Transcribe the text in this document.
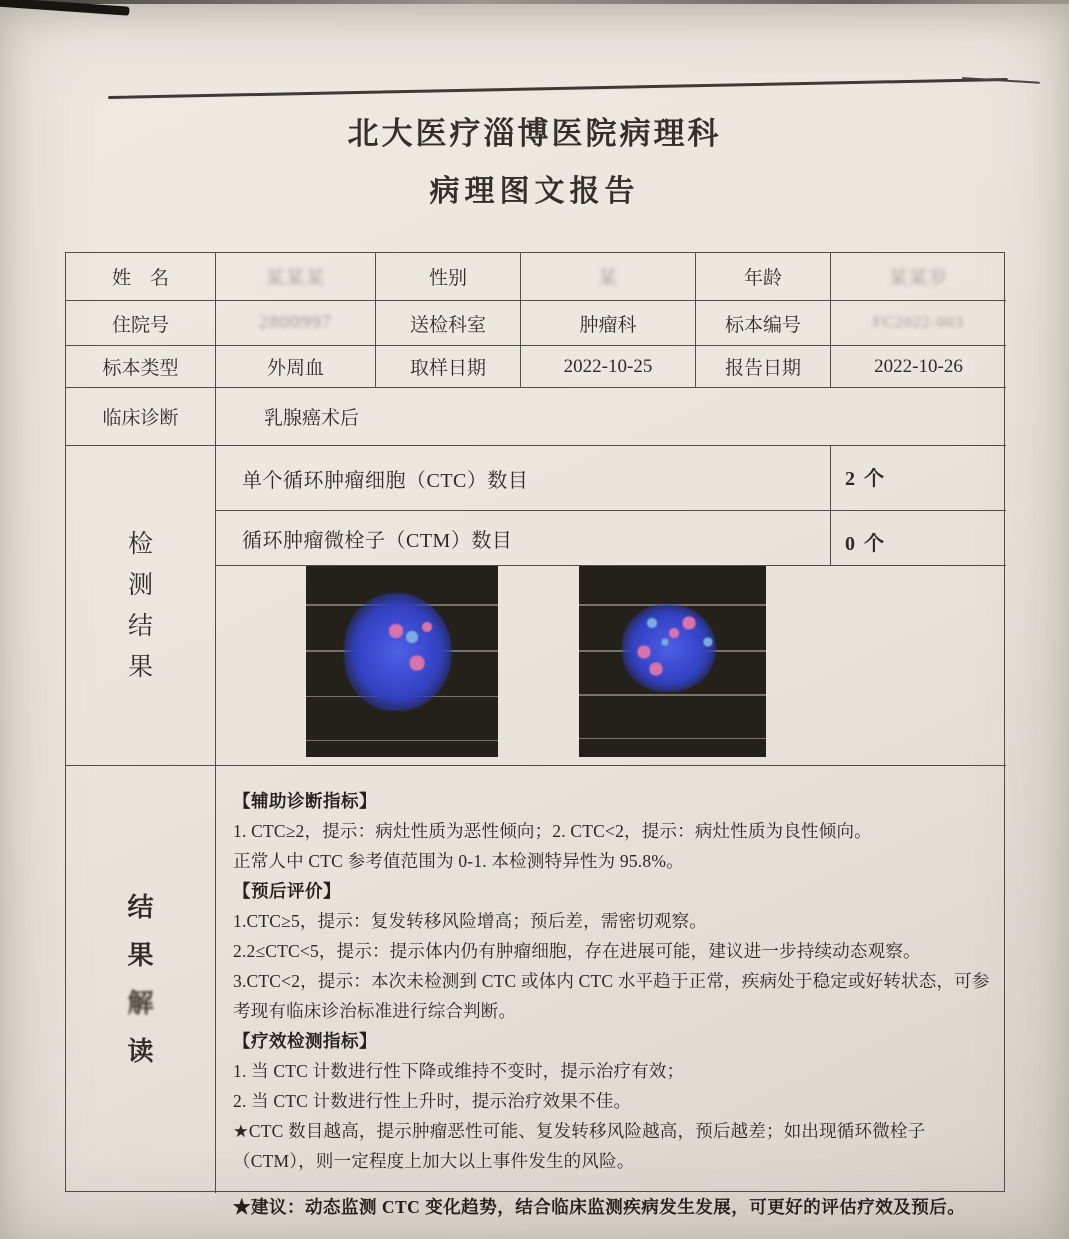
北大医疗淄博医院病理科
病理图文报告
姓　名	某某某	性别	某	年龄	某某岁
住院号	2800997	送检科室	肿瘤科	标本编号	FC2022-003
标本类型	外周血	取样日期	2022-10-25	报告日期	2022-10-26
临床诊断	乳腺癌术后
检
测
结
果
单个循环肿瘤细胞（CTC）数目	2 个
循环肿瘤微栓子（CTM）数目	0 个
结
果
解
读
【辅助诊断指标】
1. CTC≥2，提示：病灶性质为恶性倾向；2. CTC<2，提示：病灶性质为良性倾向。
正常人中 CTC 参考值范围为 0-1. 本检测特异性为 95.8%。
【预后评价】
1.CTC≥5，提示：复发转移风险增高；预后差，需密切观察。
2.2≤CTC<5，提示：提示体内仍有肿瘤细胞，存在进展可能，建议进一步持续动态观察。
3.CTC<2，提示：本次未检测到 CTC 或体内 CTC 水平趋于正常，疾病处于稳定或好转状态，可参考现有临床诊治标准进行综合判断。
【疗效检测指标】
1. 当 CTC 计数进行性下降或维持不变时，提示治疗有效；
2. 当 CTC 计数进行性上升时，提示治疗效果不佳。
★CTC 数目越高，提示肿瘤恶性可能、复发转移风险越高，预后越差；如出现循环微栓子（CTM），则一定程度上加大以上事件发生的风险。
★建议：动态监测 CTC 变化趋势，结合临床监测疾病发生发展，可更好的评估疗效及预后。
